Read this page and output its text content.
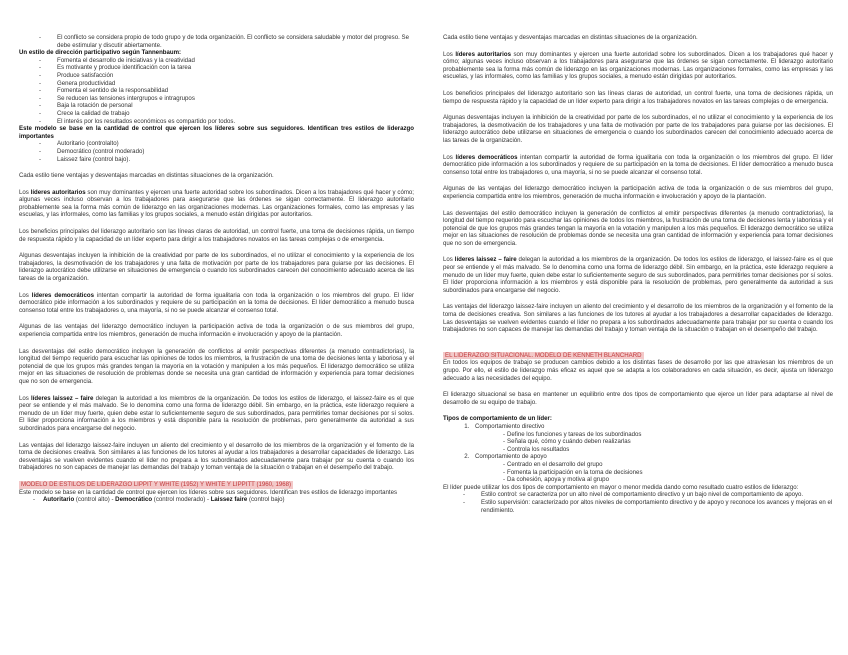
- El conflicto se considera propio de todo grupo y de toda organización. El conflicto se considera saludable y motor del progreso. Se debe estimular y discutir abiertamente.

Un estilo de dirección participativo según Tannenbaum:

- Fomenta el desarrollo de iniciativas y la creatividad
- Es motivante y produce identificación con la tarea
- Produce satisfacción
- Genera productividad
- Fomenta el sentido de la responsabilidad
- Se reducen las tensiones intergrupos e intragrupos
- Baja la rotación de personal
- Crece la calidad de trabajo
- El interés por los resultados económicos es compartido por todos.

Este modelo se base en la cantidad de control que ejercen los líderes sobre sus seguidores. Identifican tres estilos de liderazgo importantes

- Autoritario (controlalto)
- Democrático (control moderado)
- Laissez faire (control bajo).

Cada estilo tiene ventajas y desventajas marcadas en distintas situaciones de la organización.

Los líderes autoritarios son muy dominantes y ejercen una fuerte autoridad sobre los subordinados. Dicen a los trabajadores qué hacer y cómo; algunas veces incluso observan a los trabajadores para asegurarse que las órdenes se sigan correctamente. El liderazgo autoritario probablemente sea la forma más común de liderazgo en las organizaciones modernas. Las organizaciones formales, como las empresas y las escuelas, y las informales, como las familias y los grupos sociales, a menudo están dirigidas por autoritarios.

Los beneficios principales del liderazgo autoritario son las líneas claras de autoridad, un control fuerte, una toma de decisiones rápida, un tiempo de respuesta rápido y la capacidad de un líder experto para dirigir a los trabajadores novatos en las tareas complejas o de emergencia.

Algunas desventajas incluyen la inhibición de la creatividad por parte de los subordinados, el no utilizar el conocimiento y la experiencia de los trabajadores, la desmotivación de los trabajadores y una falta de motivación por parte de los trabajadores para guiarse por las decisiones. El liderazgo autocrático debe utilizarse en situaciones de emergencia o cuando los subordinados carecen del conocimiento adecuado acerca de las tareas de la organización.

Los líderes democráticos intentan compartir la autoridad de forma igualitaria con toda la organización o los miembros del grupo. El líder democrático pide información a los subordinados y requiere de su participación en la toma de decisiones. El líder democrático a menudo busca consenso total entre los trabajadores o, una mayoría, si no se puede alcanzar el consenso total.

Algunas de las ventajas del liderazgo democrático incluyen la participación activa de toda la organización o de sus miembros del grupo, experiencia compartida entre los miembros, generación de mucha información e involucración y apoyo de la plantación.

Las desventajas del estilo democrático incluyen la generación de conflictos al emitir perspectivas diferentes (a menudo contradictorias), la longitud del tiempo requerido para escuchar las opiniones de todos los miembros, la frustración de una toma de decisiones lenta y laboriosa y el potencial de que los grupos más grandes tengan la mayoría en la votación y manipulen a los más pequeños. El liderazgo democrático se utiliza mejor en las situaciones de resolución de problemas donde se necesita una gran cantidad de información y experiencia para tomar decisiones que no son de emergencia.

Los líderes laissez – faire delegan la autoridad a los miembros de la organización. De todos los estilos de liderazgo, el laissez-faire es el que peor se entiende y el más malvado. Se lo denomina como una forma de liderazgo débil. Sin embargo, en la práctica, este liderazgo requiere a menudo de un líder muy fuerte, quien debe estar lo suficientemente seguro de sus subordinados, para permitirles tomar decisiones por sí solos. El líder proporciona información a los miembros y está disponible para la resolución de problemas, pero generalmente da autoridad a sus subordinados para encargarse del negocio.

Las ventajas del liderazgo laissez-faire incluyen un aliento del crecimiento y el desarrollo de los miembros de la organización y el fomento de la toma de decisiones creativa. Son similares a las funciones de los tutores al ayudar a los trabajadores a desarrollar capacidades de liderazgo. Las desventajas se vuelven evidentes cuando el líder no prepara a los subordinados adecuadamente para trabajar por su cuenta o cuando los trabajadores no son capaces de manejar las demandas del trabajo y toman ventaja de la situación o trabajan en el desempeño del trabajo.

MODELO DE ESTILOS DE LIDERAZGO LIPPIT Y WHITE (1952) Y WHITE Y LIPPITT (1960, 1968)

Este modelo se base en la cantidad de control que ejercen los líderes sobre sus seguidores. Identifican tres estilos de liderazgo importantes

- Autoritario (control alto) - Democrático (control moderado) - Laissez faire (control bajo)

Cada estilo tiene ventajas y desventajas marcadas en distintas situaciones de la organización.

Los líderes autoritarios son muy dominantes y ejercen una fuerte autoridad sobre los subordinados. Dicen a los trabajadores qué hacer y cómo; algunas veces incluso observan a los trabajadores para asegurarse que las órdenes se sigan correctamente. El liderazgo autoritario probablemente sea la forma más común de liderazgo en las organizaciones modernas. Las organizaciones formales, como las empresas y las escuelas, y las informales, como las familias y los grupos sociales, a menudo están dirigidas por autoritarios.

Los beneficios principales del liderazgo autoritario son las líneas claras de autoridad, un control fuerte, una toma de decisiones rápida, un tiempo de respuesta rápido y la capacidad de un líder experto para dirigir a los trabajadores novatos en las tareas complejas o de emergencia.

Algunas desventajas incluyen la inhibición de la creatividad por parte de los subordinados, el no utilizar el conocimiento y la experiencia de los trabajadores, la desmotivación de los trabajadores y una falta de motivación por parte de los trabajadores para guiarse por las decisiones. El liderazgo autocrático debe utilizarse en situaciones de emergencia o cuando los subordinados carecen del conocimiento adecuado acerca de las tareas de la organización.

Los líderes democráticos intentan compartir la autoridad de forma igualitaria con toda la organización o los miembros del grupo. El líder democrático pide información a los subordinados y requiere de su participación en la toma de decisiones. El líder democrático a menudo busca consenso total entre los trabajadores o, una mayoría, si no se puede alcanzar el consenso total.

Algunas de las ventajas del liderazgo democrático incluyen la participación activa de toda la organización o de sus miembros del grupo, experiencia compartida entre los miembros, generación de mucha información e involucración y apoyo de la plantación.

Las desventajas del estilo democrático incluyen la generación de conflictos al emitir perspectivas diferentes (a menudo contradictorias), la longitud del tiempo requerido para escuchar las opiniones de todos los miembros, la frustración de una toma de decisiones lenta y laboriosa y el potencial de que los grupos más grandes tengan la mayoría en la votación y manipulen a los más pequeños. El liderazgo democrático se utiliza mejor en las situaciones de resolución de problemas donde se necesita una gran cantidad de información y experiencia para tomar decisiones que no son de emergencia.

Los líderes laissez – faire delegan la autoridad a los miembros de la organización. De todos los estilos de liderazgo, el laissez-faire es el que peor se entiende y el más malvado. Se lo denomina como una forma de liderazgo débil. Sin embargo, en la práctica, este liderazgo requiere a menudo de un líder muy fuerte, quien debe estar lo suficientemente seguro de sus subordinados, para permitirles tomar decisiones por sí solos. El líder proporciona información a los miembros y está disponible para la resolución de problemas, pero generalmente da autoridad a sus subordinados para encargarse del negocio.

Las ventajas del liderazgo laissez-faire incluyen un aliento del crecimiento y el desarrollo de los miembros de la organización y el fomento de la toma de decisiones creativa. Son similares a las funciones de los tutores al ayudar a los trabajadores a desarrollar capacidades de liderazgo. Las desventajas se vuelven evidentes cuando el líder no prepara a los subordinados adecuadamente para trabajar por su cuenta o cuando los trabajadores no son capaces de manejar las demandas del trabajo y toman ventaja de la situación o trabajan en el desempeño del trabajo.

EL LIDERAZGO SITUACIONAL. MODELO DE KENNETH BLANCHARD

En todos los equipos de trabajo se producen cambios debido a los distintas fases de desarrollo por las que atraviesan los miembros de un grupo. Por ello, el estilo de liderazgo más eficaz es aquel que se adapta a los colaboradores en cada situación, es decir, ajusta un liderazgo adecuado a las necesidades del equipo.

El liderazgo situacional se basa en mantener un equilibrio entre dos tipos de comportamiento que ejerce un líder para adaptarse al nivel de desarrollo de su equipo de trabajo.

Tipos de comportamiento de un líder:

1. Comportamiento directivo
- Define los funciones y tareas de los subordinados
- Señala qué, cómo y cuándo deben realizarlas
- Controla los resultados
2. Comportamiento de apoyo
- Centrado en el desarrollo del grupo
- Fomenta la participación en la toma de decisiones
- Da cohesión, apoya y motiva al grupo

El líder puede utilizar los dos tipos de comportamiento en mayor o menor medida dando como resultado cuatro estilos de liderazgo:

- Estilo control: se caracteriza por un alto nivel de comportamiento directivo y un bajo nivel de comportamiento de apoyo.
- Estilo supervisión: caracterizado por altos niveles de comportamiento directivo y de apoyo y reconoce los avances y mejoras en el rendimiento.
